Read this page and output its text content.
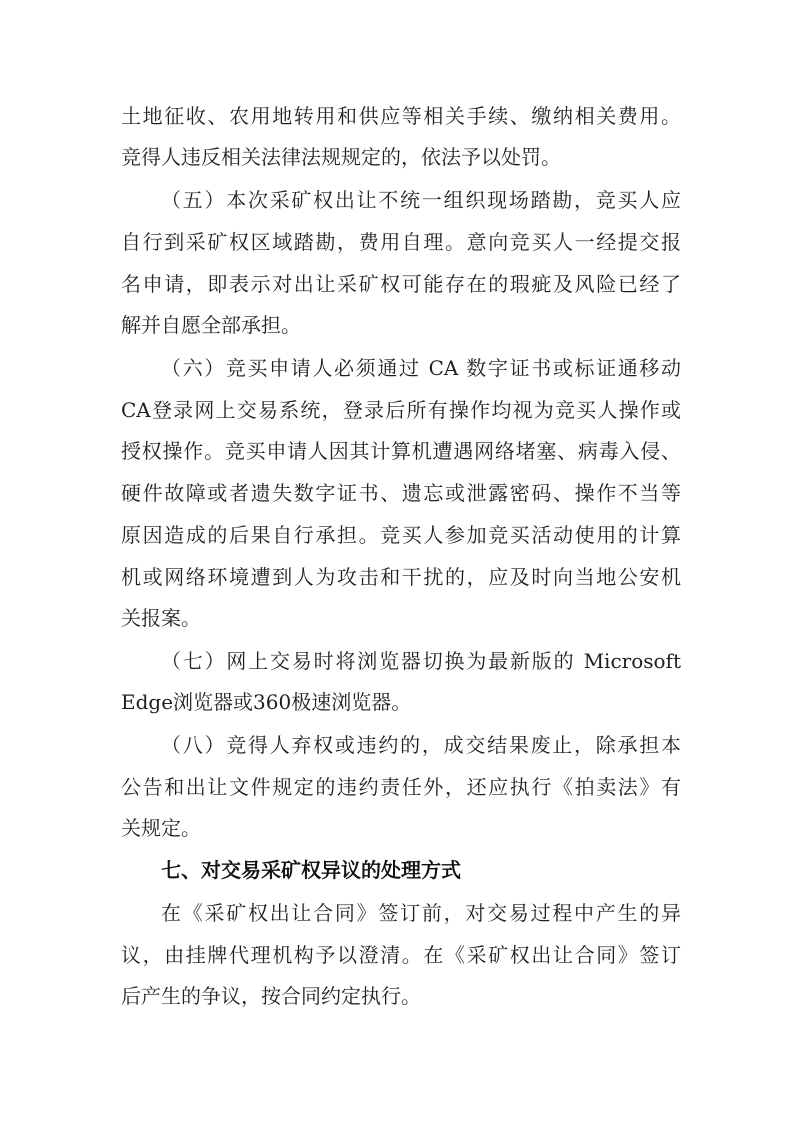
土地征收、农用地转用和供应等相关手续、缴纳相关费用。

竞得人违反相关法律法规规定的，依法予以处罚。

（五）本次采矿权出让不统一组织现场踏勘，竞买人应

自行到采矿权区域踏勘，费用自理。意向竞买人一经提交报

名申请，即表示对出让采矿权可能存在的瑕疵及风险已经了

解并自愿全部承担。

（六）竞买申请人必须通过 CA 数字证书或标证通移动

CA登录网上交易系统，登录后所有操作均视为竞买人操作或

授权操作。竞买申请人因其计算机遭遇网络堵塞、病毒入侵、

硬件故障或者遗失数字证书、遗忘或泄露密码、操作不当等

原因造成的后果自行承担。竞买人参加竞买活动使用的计算

机或网络环境遭到人为攻击和干扰的，应及时向当地公安机

关报案。

（七）网上交易时将浏览器切换为最新版的 Microsoft

Edge浏览器或360极速浏览器。

（八）竞得人弃权或违约的，成交结果废止，除承担本

公告和出让文件规定的违约责任外，还应执行《拍卖法》有

关规定。

七、对交易采矿权异议的处理方式

在《采矿权出让合同》签订前，对交易过程中产生的异

议，由挂牌代理机构予以澄清。在《采矿权出让合同》签订

后产生的争议，按合同约定执行。
